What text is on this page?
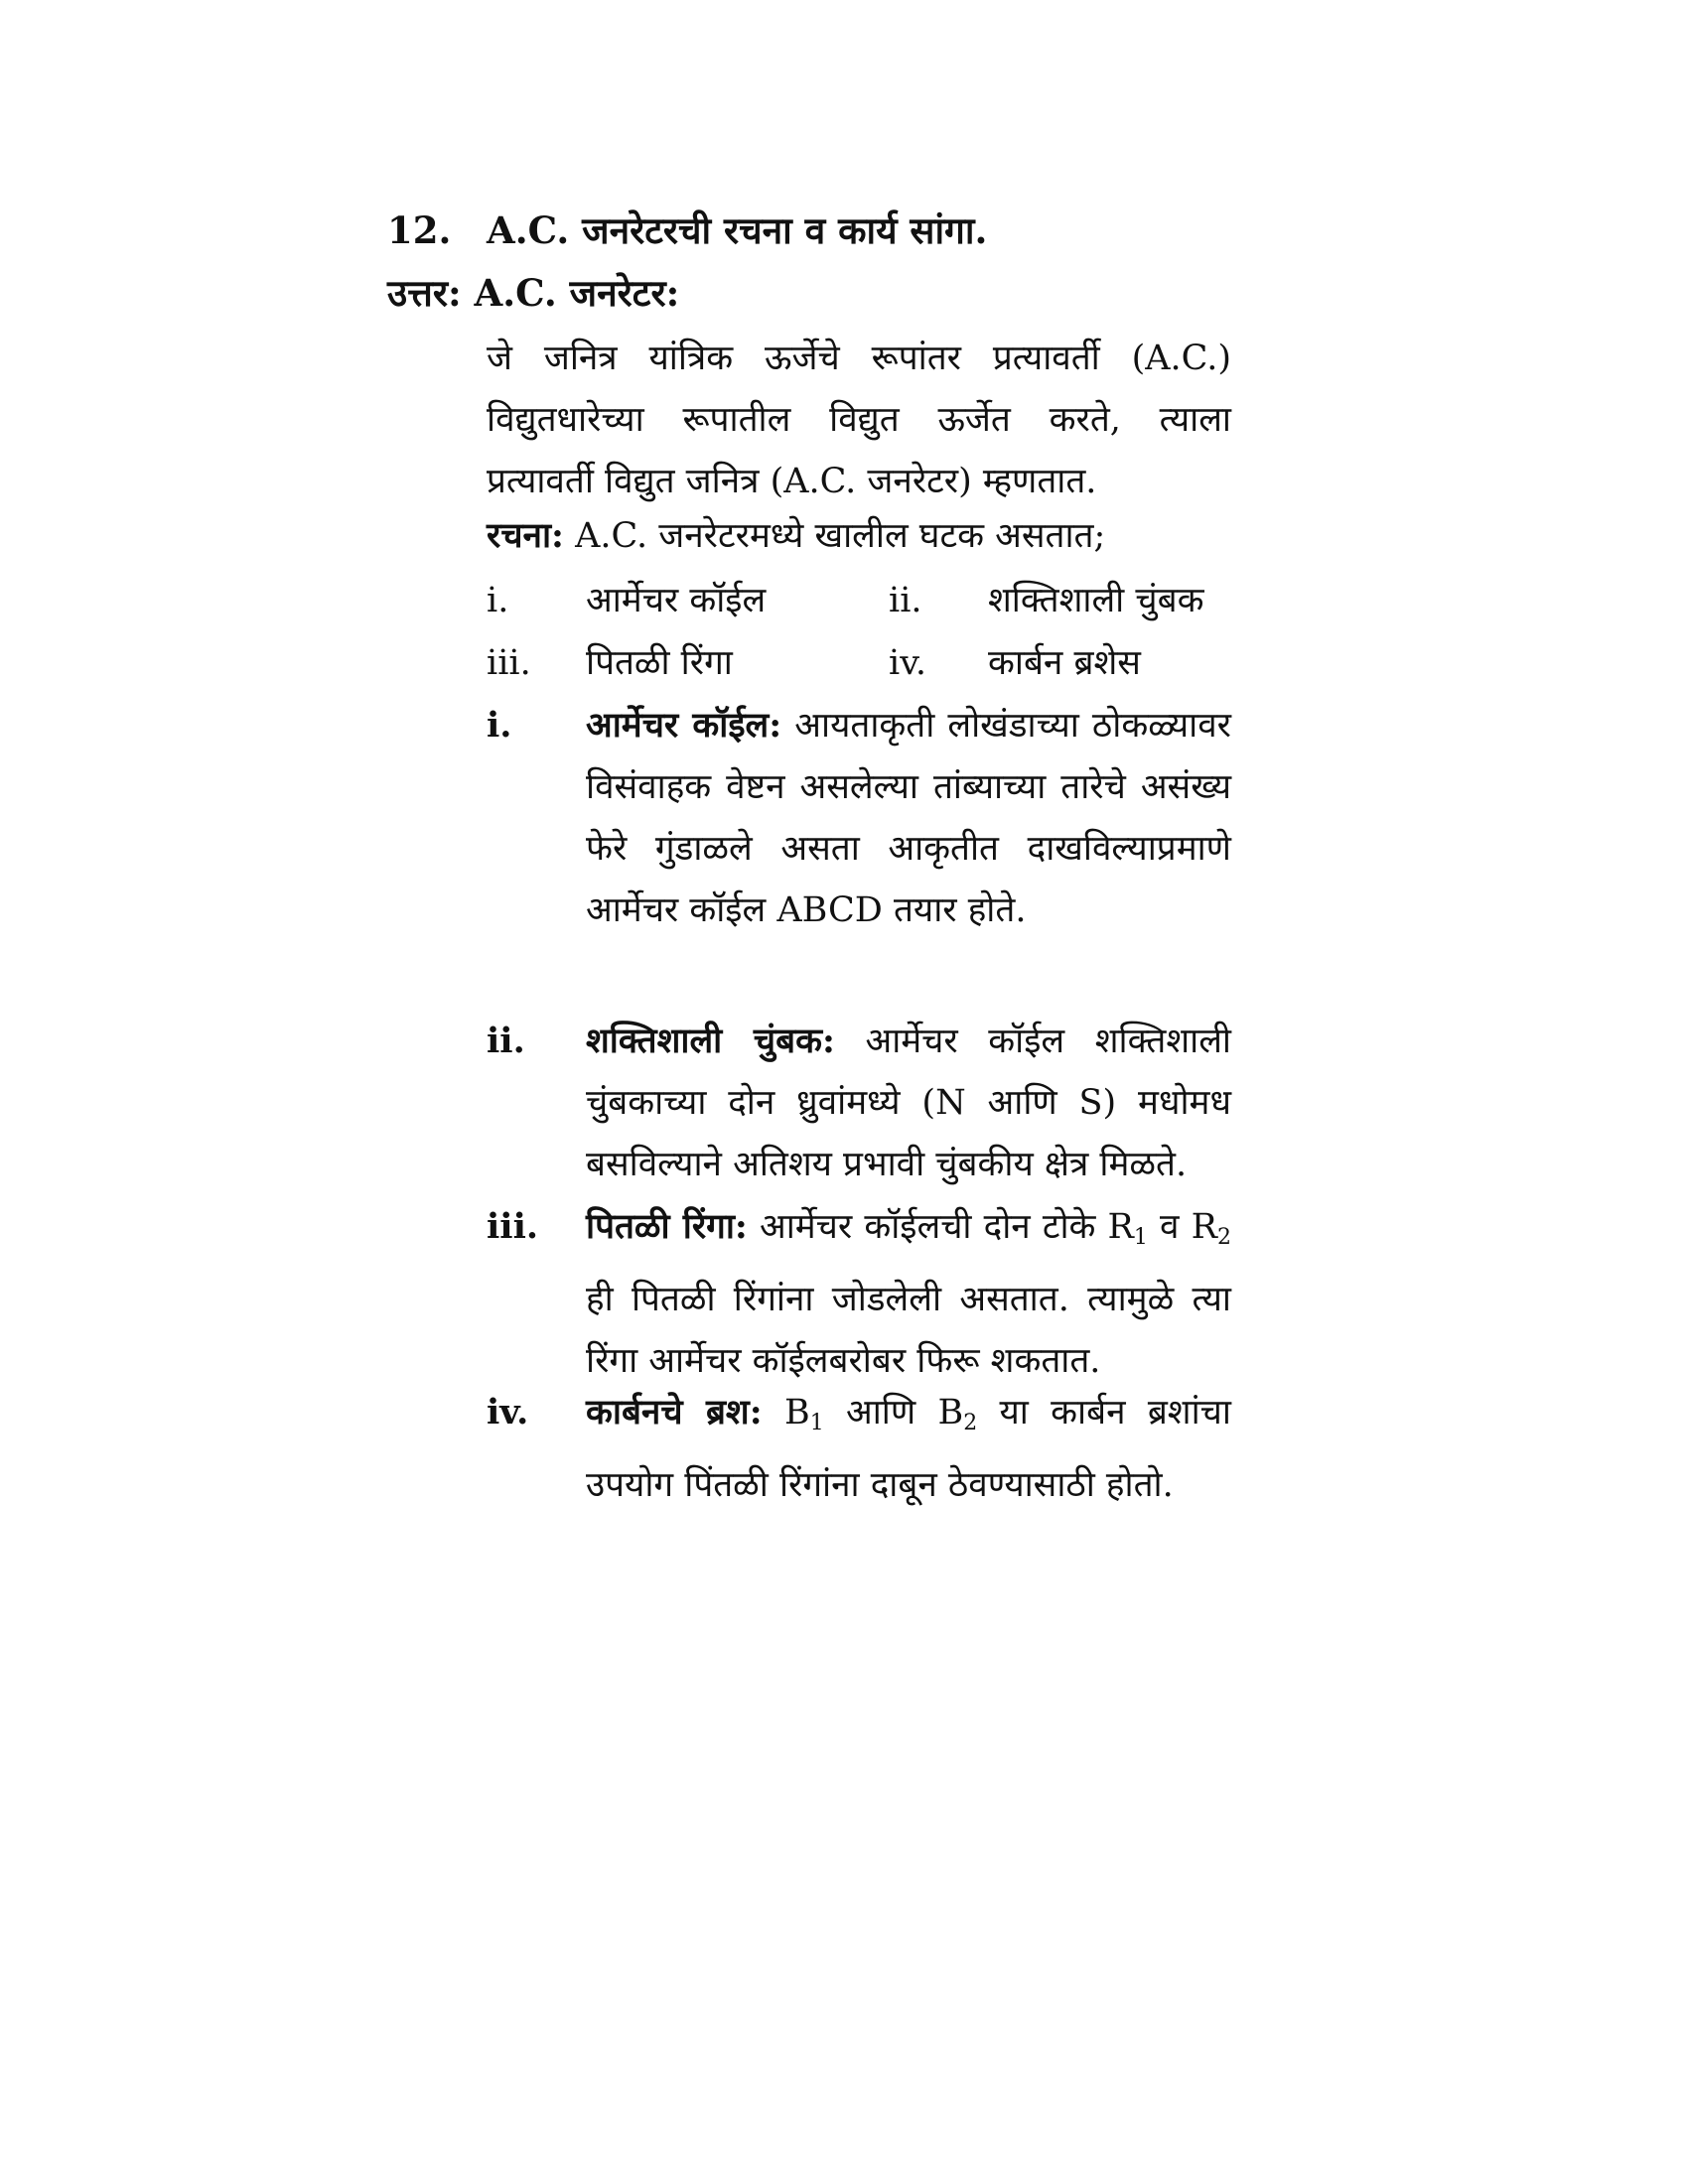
12. A.C. जनरेटरची रचना व कार्य सांगा.
उत्तर: A.C. जनरेटर:
जे जनित्र यांत्रिक ऊर्जेचे रूपांतर प्रत्यावर्ती (A.C.)
विद्युतधारेच्या रूपातील विद्युत ऊर्जेत करते, त्याला
प्रत्यावर्ती विद्युत जनित्र (A.C. जनरेटर) म्हणतात.
रचना: A.C. जनरेटरमध्ये खालील घटक असतात;
i. आर्मेचर कॉईल	ii. शक्तिशाली चुंबक
iii. पितळी रिंगा	iv. कार्बन ब्रशेस
i. आर्मेचर कॉईल: आयताकृती लोखंडाच्या ठोकळ्यावर विसंवाहक वेष्टन असलेल्या तांब्याच्या तारेचे असंख्य फेरे गुंडाळले असता आकृतीत दाखविल्याप्रमाणे आर्मेचर कॉईल ABCD तयार होते.
ii. शक्तिशाली चुंबक: आर्मेचर कॉईल शक्तिशाली चुंबकाच्या दोन ध्रुवांमध्ये (N आणि S) मधोमध बसविल्याने अतिशय प्रभावी चुंबकीय क्षेत्र मिळते.
iii. पितळी रिंगा: आर्मेचर कॉईलची दोन टोके $R_1$ व $R_2$ ही पितळी रिंगांना जोडलेली असतात. त्यामुळे त्या रिंगा आर्मेचर कॉईलबरोबर फिरू शकतात.
iv. कार्बनचे ब्रश: $B_1$ आणि $B_2$ या कार्बन ब्रशांचा उपयोग पिंतळी रिंगांना दाबून ठेवण्यासाठी होतो.
